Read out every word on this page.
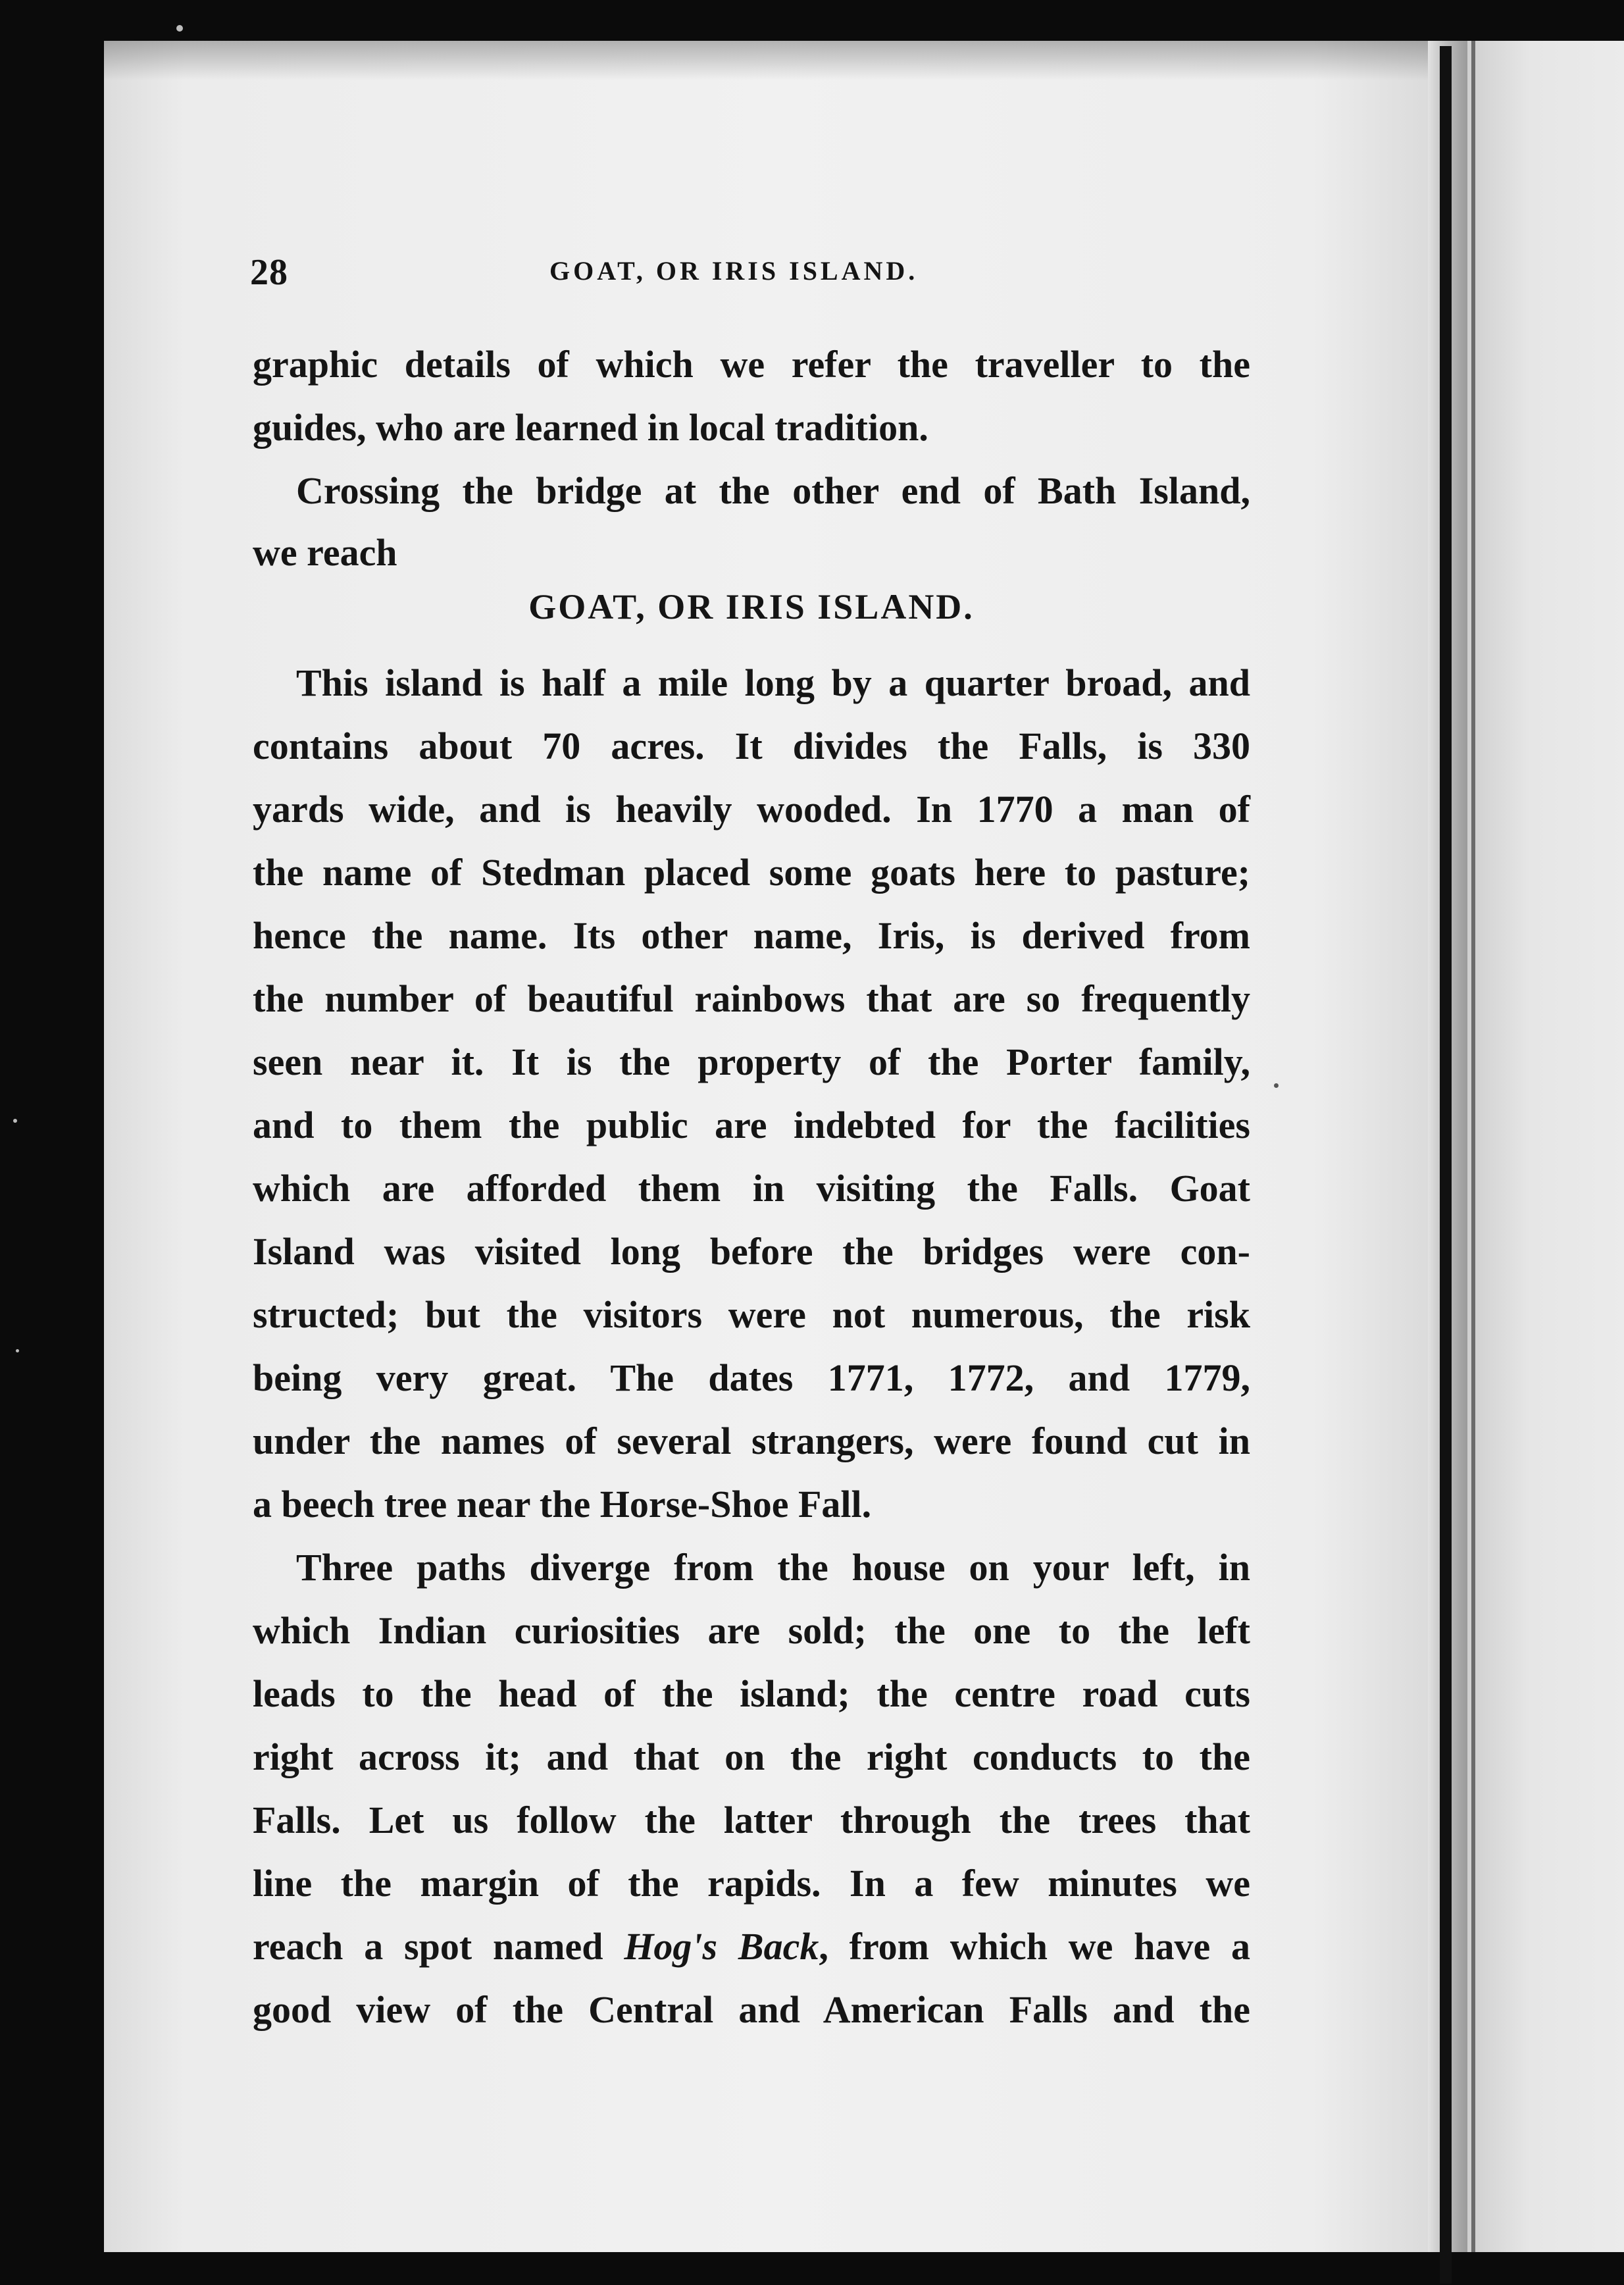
28	GOAT, OR IRIS ISLAND.
graphic details of which we refer the traveller to the
guides, who are learned in local tradition.
Crossing the bridge at the other end of Bath Island,
we reach
GOAT, OR IRIS ISLAND.
This island is half a mile long by a quarter broad, and
contains about 70 acres. It divides the Falls, is 330
yards wide, and is heavily wooded. In 1770 a man of
the name of Stedman placed some goats here to pasture;
hence the name. Its other name, Iris, is derived from
the number of beautiful rainbows that are so frequently
seen near it. It is the property of the Porter family,
and to them the public are indebted for the facilities
which are afforded them in visiting the Falls. Goat
Island was visited long before the bridges were con-
structed; but the visitors were not numerous, the risk
being very great. The dates 1771, 1772, and 1779,
under the names of several strangers, were found cut in
a beech tree near the Horse-Shoe Fall.
Three paths diverge from the house on your left, in
which Indian curiosities are sold; the one to the left
leads to the head of the island; the centre road cuts
right across it; and that on the right conducts to the
Falls. Let us follow the latter through the trees that
line the margin of the rapids. In a few minutes we
reach a spot named Hog's Back, from which we have a
good view of the Central and American Falls and the
